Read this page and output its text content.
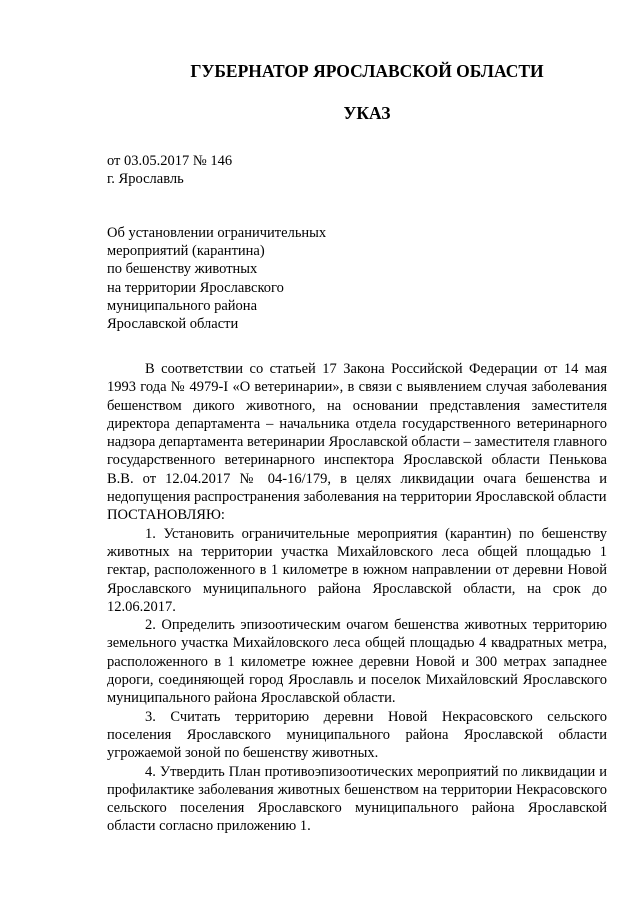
ГУБЕРНАТОР ЯРОСЛАВСКОЙ ОБЛАСТИ
УКАЗ
от 03.05.2017 № 146
г. Ярославль
Об установлении ограничительных
мероприятий (карантина)
по бешенству животных
на территории Ярославского
муниципального района
Ярославской области

В соответствии со статьей 17 Закона Российской Федерации от 14 мая 1993 года № 4979-I «О ветеринарии», в связи с выявлением случая заболевания бешенством дикого животного, на основании представления заместителя директора департамента – начальника отдела государственного ветеринарного надзора департамента ветеринарии Ярославской области – заместителя главного государственного ветеринарного инспектора Ярославской области Пенькова В.В. от 12.04.2017 № 04-16/179, в целях ликвидации очага бешенства и недопущения распространения заболевания на территории Ярославской области

ПОСТАНОВЛЯЮ:

1. Установить ограничительные мероприятия (карантин) по бешенству животных на территории участка Михайловского леса общей площадью 1 гектар, расположенного в 1 километре в южном направлении от деревни Новой Ярославского муниципального района Ярославской области, на срок до 12.06.2017.

2. Определить эпизоотическим очагом бешенства животных территорию земельного участка Михайловского леса общей площадью 4 квадратных метра, расположенного в 1 километре южнее деревни Новой и 300 метрах западнее дороги, соединяющей город Ярославль и поселок Михайловский Ярославского муниципального района Ярославской области.

3. Считать территорию деревни Новой Некрасовского сельского поселения Ярославского муниципального района Ярославской области угрожаемой зоной по бешенству животных.

4. Утвердить План противоэпизоотических мероприятий по ликвидации и профилактике заболевания животных бешенством на территории Некрасовского сельского поселения Ярославского муниципального района Ярославской области согласно приложению 1.
